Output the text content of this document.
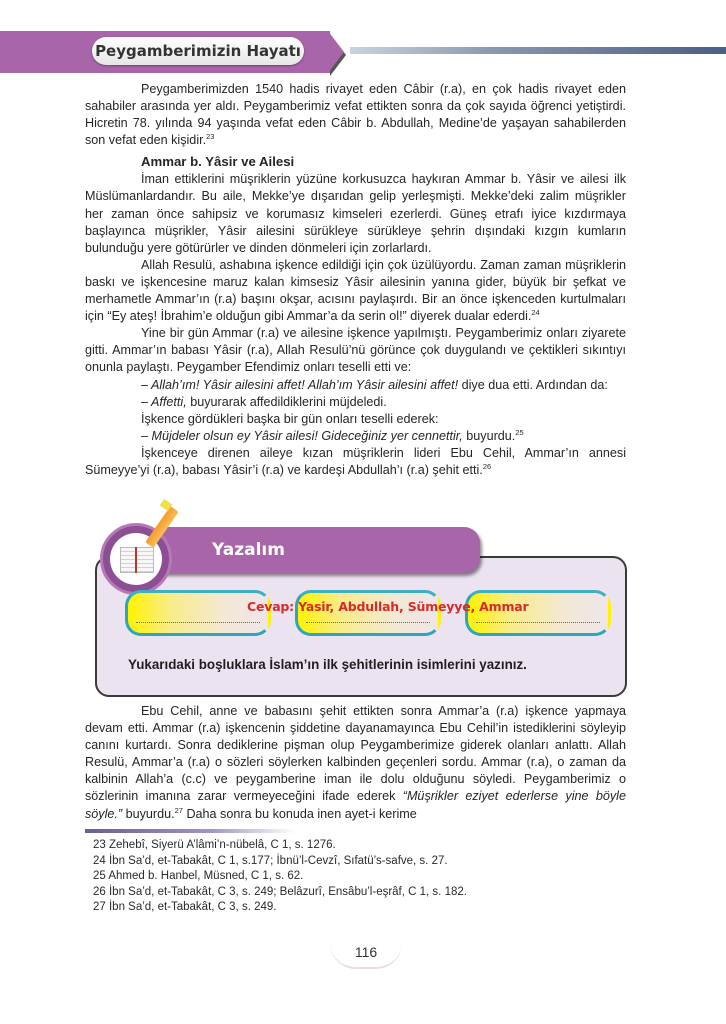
Peygamberimizin Hayatı

Peygamberimizden 1540 hadis rivayet eden Câbir (r.a), en çok hadis rivayet eden sahabiler arasında yer aldı. Peygamberimiz vefat ettikten sonra da çok sayıda öğrenci yetiştirdi. Hicretin 78. yılında 94 yaşında vefat eden Câbir b. Abdullah, Medine’de yaşayan sahabilerden son vefat eden kişidir.$^{23}$

Ammar b. Yâsir ve Ailesi

İman ettiklerini müşriklerin yüzüne korkusuzca haykıran Ammar b. Yâsir ve ailesi ilk Müslümanlardandır. Bu aile, Mekke’ye dışarıdan gelip yerleşmişti. Mekke’deki zalim müşrikler her zaman önce sahipsiz ve korumasız kimseleri ezerlerdi. Güneş etrafı iyice kızdırmaya başlayınca müşrikler, Yâsir ailesini sürükleye sürükleye şehrin dışındaki kızgın kumların bulunduğu yere götürürler ve dinden dönmeleri için zorlarlardı.

Allah Resulü, ashabına işkence edildiği için çok üzülüyordu. Zaman zaman müşriklerin baskı ve işkencesine maruz kalan kimsesiz Yâsir ailesinin yanına gider, büyük bir şefkat ve merhametle Ammar’ın (r.a) başını okşar, acısını paylaşırdı. Bir an önce işkenceden kurtulmaları için “Ey ateş! İbrahim’e olduğun gibi Ammar’a da serin ol!” diyerek dualar ederdi.$^{24}$

Yine bir gün Ammar (r.a) ve ailesine işkence yapılmıştı. Peygamberimiz onları ziyarete gitti. Ammar’ın babası Yâsir (r.a), Allah Resulü’nü görünce çok duygulandı ve çektikleri sıkıntıyı onunla paylaştı. Peygamber Efendimiz onları teselli etti ve:

– Allah’ım! Yâsir ailesini affet! Allah’ım Yâsir ailesini affet! diye dua etti. Ardından da:

– Affetti, buyurarak affedildiklerini müjdeledi.

İşkence gördükleri başka bir gün onları teselli ederek:

– Müjdeler olsun ey Yâsir ailesi! Gideceğiniz yer cennettir, buyurdu.$^{25}$

İşkenceye direnen aileye kızan müşriklerin lideri Ebu Cehil, Ammar’ın annesi Sümeyye’yi (r.a), babası Yâsir’i (r.a) ve kardeşi Abdullah’ı (r.a) şehit etti.$^{26}$

Yazalım
Cevap: Yasir, Abdullah, Sümeyye, Ammar
Yukarıdaki boşluklara İslam’ın ilk şehitlerinin isimlerini yazınız.

Ebu Cehil, anne ve babasını şehit ettikten sonra Ammar’a (r.a) işkence yapmaya devam etti. Ammar (r.a) işkencenin şiddetine dayanamayınca Ebu Cehil’in istediklerini söyleyip canını kurtardı. Sonra dediklerine pişman olup Peygamberimize giderek olanları anlattı. Allah Resulü, Ammar’a (r.a) o sözleri söylerken kalbinden geçenleri sordu. Ammar (r.a), o zaman da kalbinin Allah’a (c.c) ve peygamberine iman ile dolu olduğunu söyledi. Peygamberimiz o sözlerinin imanına zarar vermeyeceğini ifade ederek “Müşrikler eziyet ederlerse yine böyle söyle.” buyurdu.$^{27}$ Daha sonra bu konuda inen ayet-i kerime

23 Zehebî, Siyerü A’lâmi’n-nübelâ, C 1, s. 1276.
24 İbn Sa’d, et-Tabakât, C 1, s.177; İbnü’l-Cevzî, Sıfatü’s-safve, s. 27.
25 Ahmed b. Hanbel, Müsned, C 1, s. 62.
26 İbn Sa’d, et-Tabakât, C 3, s. 249; Belâzurî, Ensâbu’l-eşrâf, C 1, s. 182.
27 İbn Sa’d, et-Tabakât, C 3, s. 249.
116
